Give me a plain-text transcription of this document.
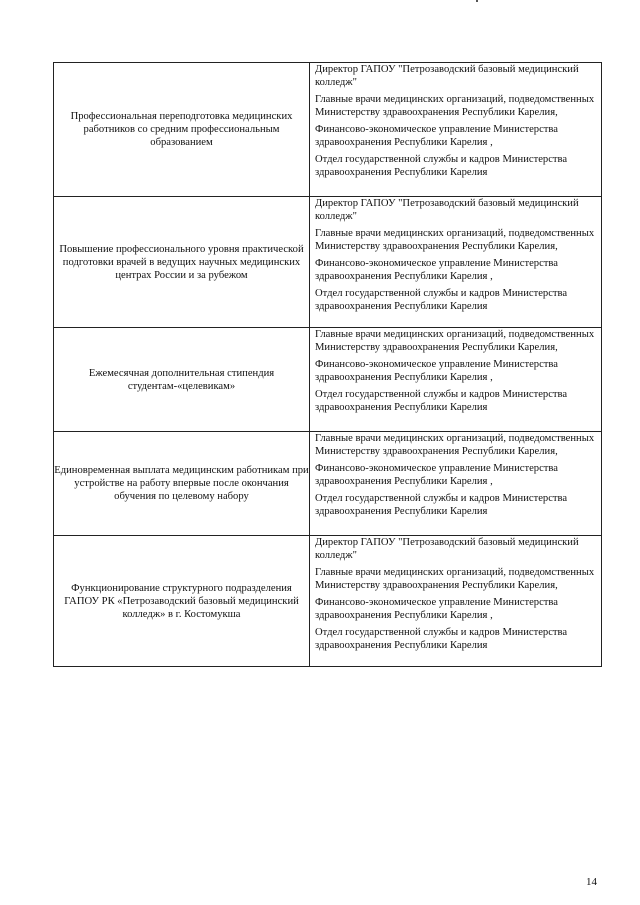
Профессиональная переподготовка медицинских работников со средним профессиональным образованием	Директор ГАПОУ "Петрозаводский базовый медицинский колледж"
Главные врачи медицинских организаций, подведомственных Министерству здравоохранения Республики Карелия,
Финансово-экономическое управление Министерства здравоохранения Республики Карелия ,
Отдел государственной службы и кадров Министерства здравоохранения Республики Карелия

Повышение профессионального уровня практической подготовки врачей в ведущих научных медицинских центрах России и за рубежом	Директор ГАПОУ "Петрозаводский базовый медицинский колледж"
Главные врачи медицинских организаций, подведомственных Министерству здравоохранения Республики Карелия,
Финансово-экономическое управление Министерства здравоохранения Республики Карелия ,
Отдел государственной службы и кадров Министерства здравоохранения Республики Карелия

Ежемесячная дополнительная стипендия студентам-«целевикам»	Главные врачи медицинских организаций, подведомственных Министерству здравоохранения Республики Карелия,
Финансово-экономическое управление Министерства здравоохранения Республики Карелия ,
Отдел государственной службы и кадров Министерства здравоохранения Республики Карелия

Единовременная выплата медицинским работникам при устройстве на работу впервые после окончания обучения по целевому набору	Главные врачи медицинских организаций, подведомственных Министерству здравоохранения Республики Карелия,
Финансово-экономическое управление Министерства здравоохранения Республики Карелия ,
Отдел государственной службы и кадров Министерства здравоохранения Республики Карелия

Функционирование структурного подразделения ГАПОУ РК «Петрозаводский базовый медицинский колледж» в г. Костомукша	Директор ГАПОУ "Петрозаводский базовый медицинский колледж"
Главные врачи медицинских организаций, подведомственных Министерству здравоохранения Республики Карелия,
Финансово-экономическое управление Министерства здравоохранения Республики Карелия ,
Отдел государственной службы и кадров Министерства здравоохранения Республики Карелия
14
